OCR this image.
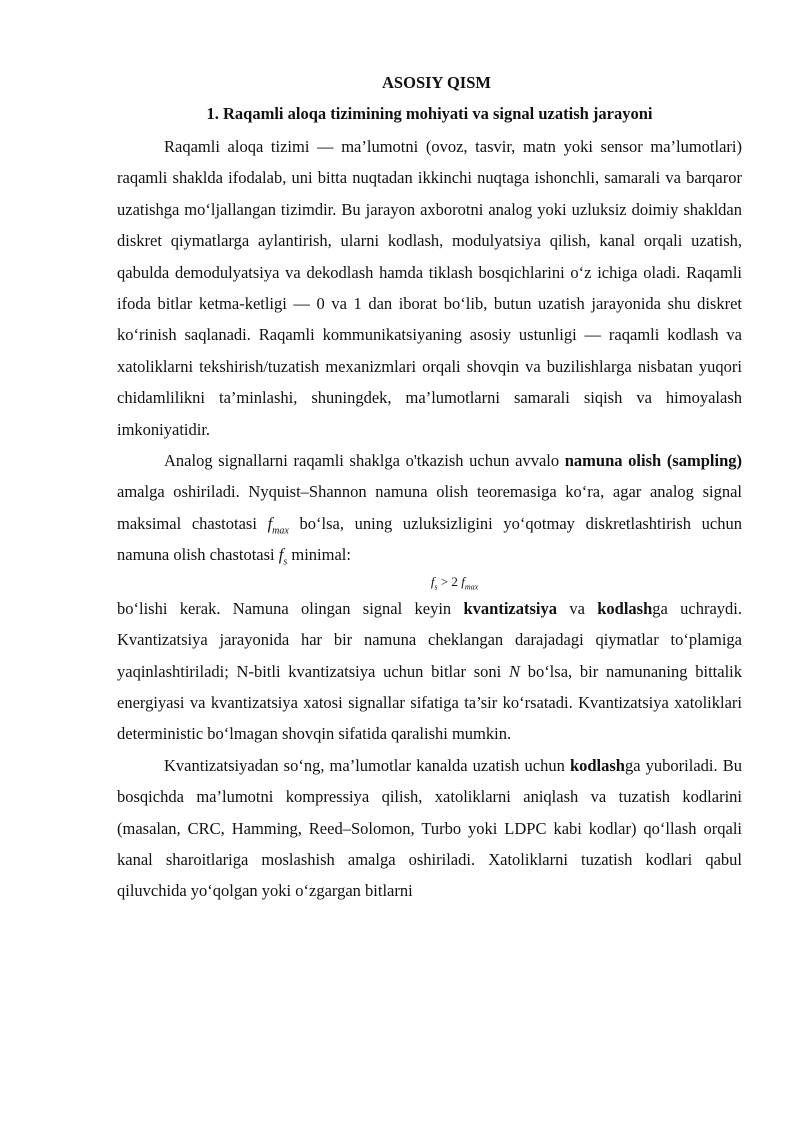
ASOSIY QISM
1. Raqamli aloqa tizimining mohiyati va signal uzatish jarayoni

Raqamli aloqa tizimi — ma’lumotni (ovoz, tasvir, matn yoki sensor ma’lumotlari) raqamli shaklda ifodalab, uni bitta nuqtadan ikkinchi nuqtaga ishonchli, samarali va barqaror uzatishga mo‘ljallangan tizimdir. Bu jarayon axborotni analog yoki uzluksiz doimiy shakldan diskret qiymatlarga aylantirish, ularni kodlash, modulyatsiya qilish, kanal orqali uzatish, qabulda demodulyatsiya va dekodlash hamda tiklash bosqichlarini o‘z ichiga oladi. Raqamli ifoda bitlar ketma-ketligi — 0 va 1 dan iborat bo‘lib, butun uzatish jarayonida shu diskret ko‘rinish saqlanadi. Raqamli kommunikatsiyaning asosiy ustunligi — raqamli kodlash va xatoliklarni tekshirish/tuzatish mexanizmlari orqali shovqin va buzilishlarga nisbatan yuqori chidamlilikni ta’minlashi, shuningdek, ma’lumotlarni samarali siqish va himoyalash imkoniyatidir.

Analog signallarni raqamli shaklga o'tkazish uchun avvalo namuna olish (sampling) amalga oshiriladi. Nyquist–Shannon namuna olish teoremasiga ko‘ra, agar analog signal maksimal chastotasi $f_{max}$ bo‘lsa, uning uzluksizligini yo‘qotmay diskretlashtirish uchun namuna olish chastotasi $f_s$ minimal:

$f_s > 2$ $f_{max}$

bo‘lishi kerak. Namuna olingan signal keyin kvantizatsiya va kodlashga uchraydi. Kvantizatsiya jarayonida har bir namuna cheklangan darajadagi qiymatlar to‘plamiga yaqinlashtiriladi; N-bitli kvantizatsiya uchun bitlar soni N bo‘lsa, bir namunaning bittalik energiyasi va kvantizatsiya xatosi signallar sifatiga ta’sir ko‘rsatadi. Kvantizatsiya xatoliklari deterministic bo‘lmagan shovqin sifatida qaralishi mumkin.

Kvantizatsiyadan so‘ng, ma’lumotlar kanalda uzatish uchun kodlashga yuboriladi. Bu bosqichda ma’lumotni kompressiya qilish, xatoliklarni aniqlash va tuzatish kodlarini (masalan, CRC, Hamming, Reed–Solomon, Turbo yoki LDPC kabi kodlar) qo‘llash orqali kanal sharoitlariga moslashish amalga oshiriladi. Xatoliklarni tuzatish kodlari qabul qiluvchida yo‘qolgan yoki o‘zgargan bitlarni
